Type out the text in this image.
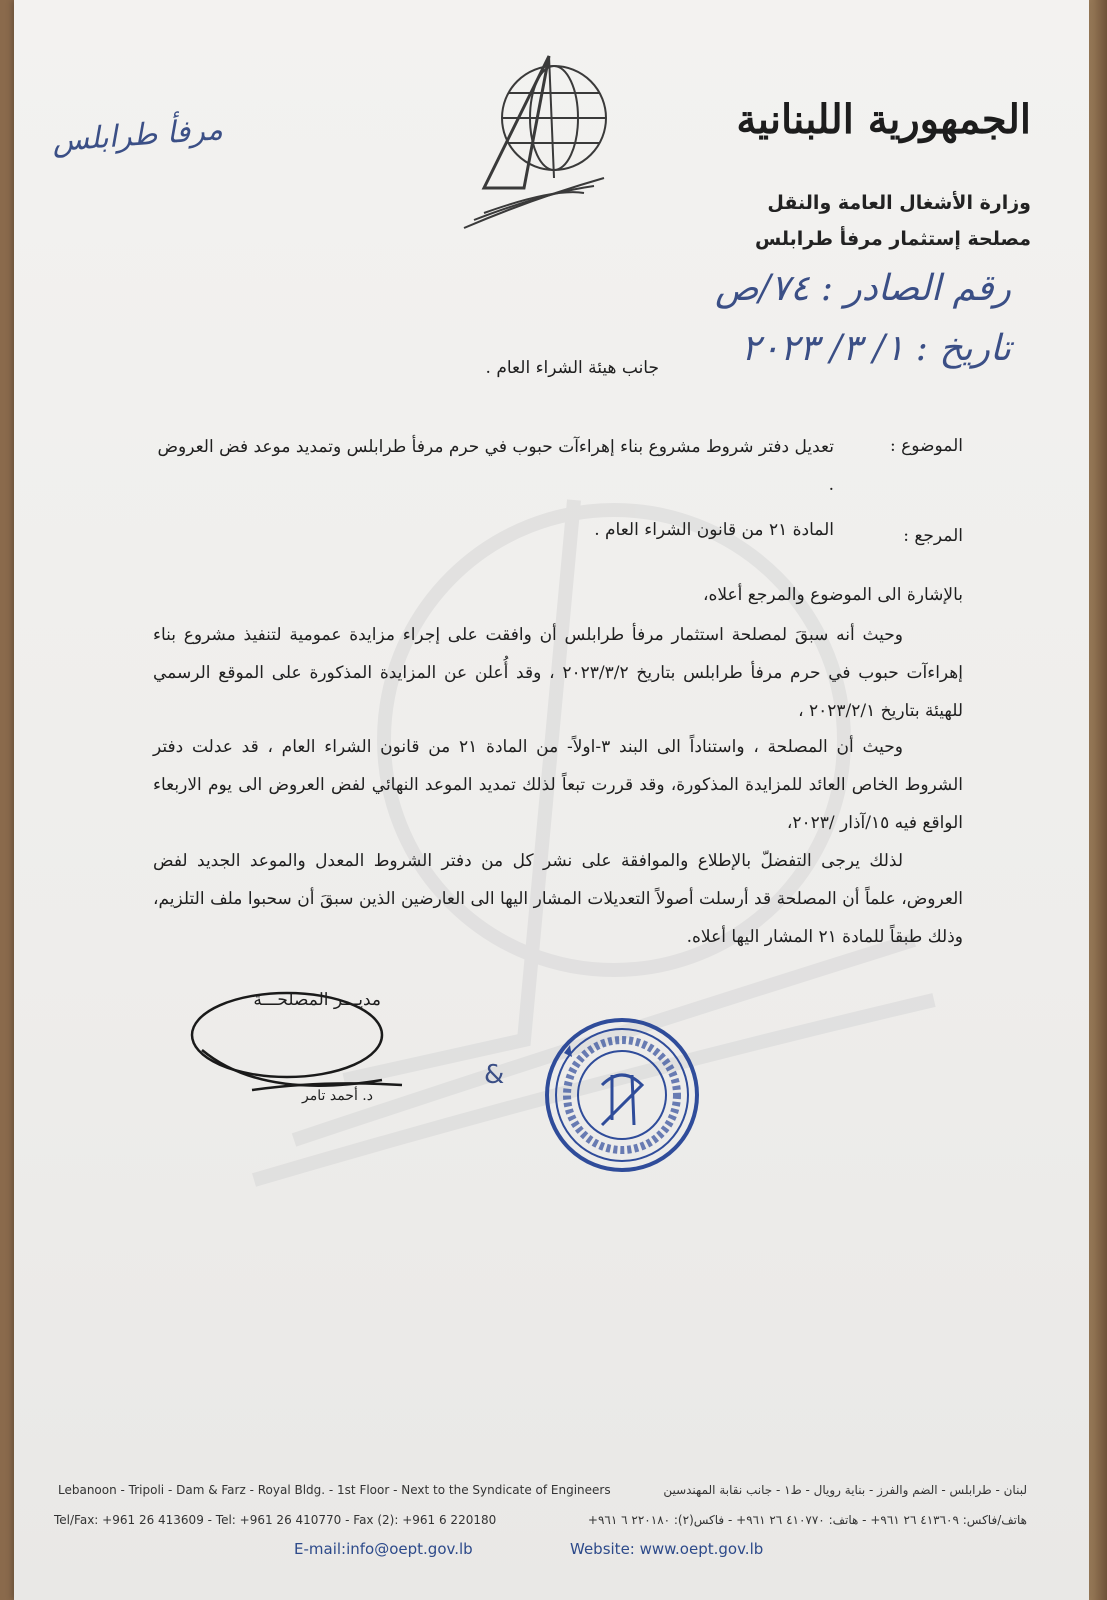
الجمهورية اللبنانية
وزارة الأشغال العامة والنقل
مصلحة إستثمار مرفأ طرابلس
رقم الصادر : ٧٤/ص
تاريخ : ١/ ٣/ ٢٠٢٣
مرفأ طرابلس
جانب هيئة الشراء العام .
الموضوع :
تعديل دفتر شروط مشروع بناء إهراءآت حبوب في حرم مرفأ طرابلس وتمديد موعد فض العروض .
المرجع :
المادة ٢١ من قانون الشراء العام .
بالإشارة الى الموضوع والمرجع أعلاه،
وحيث أنه سبقَ لمصلحة استثمار مرفأ طرابلس أن وافقت على إجراء مزايدة عمومية لتنفيذ مشروع بناء إهراءآت حبوب في حرم مرفأ طرابلس بتاريخ ٢٠٢٣/٣/٢ ، وقد أُعلن عن المزايدة المذكورة على الموقع الرسمي للهيئة بتاريخ ٢٠٢٣/٢/١ ،
وحيث أن المصلحة ، واستناداً الى البند ٣-اولاً- من المادة ٢١ من قانون الشراء العام ، قد عدلت دفتر الشروط الخاص العائد للمزايدة المذكورة، وقد قررت تبعاً لذلك تمديد الموعد النهائي لفض العروض الى يوم الاربعاء الواقع فيه ١٥/آذار /٢٠٢٣،
لذلك يرجى التفضلّ بالإطلاع والموافقة على نشر كل من دفتر الشروط المعدل والموعد الجديد لفض العروض، علماً أن المصلحة قد أرسلت أصولاً التعديلات المشار اليها الى العارضين الذين سبقَ أن سحبوا ملف التلزيم، وذلك طبقاً للمادة ٢١ المشار اليها أعلاه.
مديـــر المصلحـــة
د. أحمد تامر
&
Lebanoon - Tripoli - Dam & Farz - Royal Bldg. - 1st Floor - Next to the Syndicate of Engineers	لبنان - طرابلس - الضم والفرز - بناية رويال - ط١ - جانب نقابة المهندسين
Tel/Fax: +961 26 413609 - Tel: +961 26 410770 - Fax (2): +961 6 220180	هاتف/فاكس: ٤١٣٦٠٩ ٢٦ ٩٦١+ - هاتف: ٤١٠٧٧٠ ٢٦ ٩٦١+ - فاكس(٢): ٢٢٠١٨٠ ٦ ٩٦١+
E-mail:info@oept.gov.lb	Website: www.oept.gov.lb
